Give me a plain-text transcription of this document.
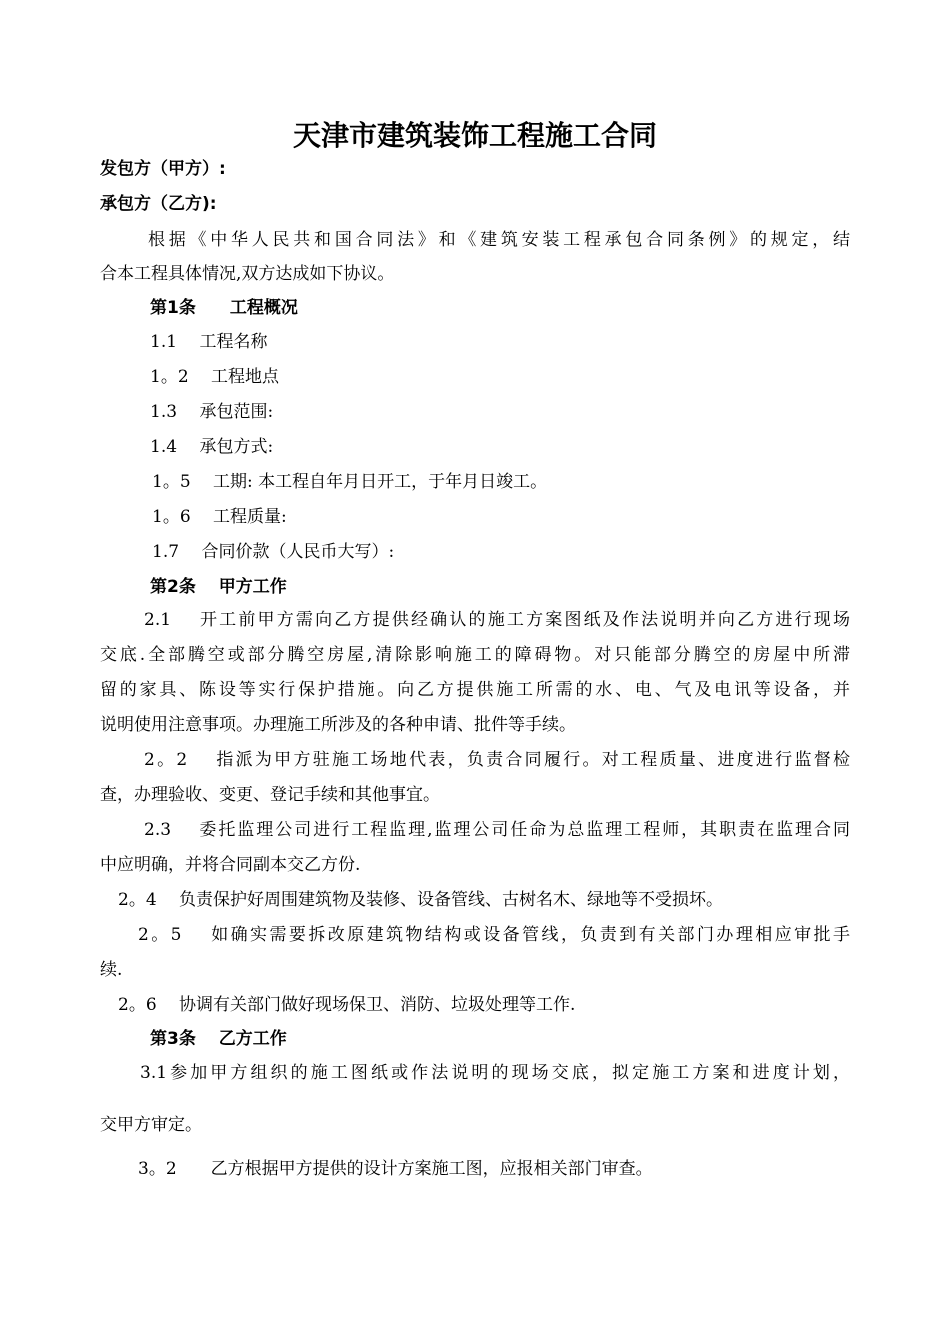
天津市建筑装饰工程施工合同
发包方（甲方）:
承包方（乙方):
根据《中华人民共和国合同法》和《建筑安装工程承包合同条例》的规定，结
合本工程具体情况,双方达成如下协议。
第1条　　工程概况
1.1　 工程名称
1。2　 工程地点
1.3　 承包范围:
1.4　 承包方式:
1。5　 工期: 本工程自年月日开工，于年月日竣工。
1。6　 工程质量:
1.7　 合同价款（人民币大写）:
第2条　 甲方工作
2.1　 开工前甲方需向乙方提供经确认的施工方案图纸及作法说明并向乙方进行现场
交底.全部腾空或部分腾空房屋,清除影响施工的障碍物。对只能部分腾空的房屋中所滞
留的家具、陈设等实行保护措施。向乙方提供施工所需的水、电、气及电讯等设备，并
说明使用注意事项。办理施工所涉及的各种申请、批件等手续。
2。2　 指派为甲方驻施工场地代表，负责合同履行。对工程质量、进度进行监督检
查，办理验收、变更、登记手续和其他事宜。
2.3　 委托监理公司进行工程监理,监理公司任命为总监理工程师，其职责在监理合同
中应明确，并将合同副本交乙方份.
2。4　 负责保护好周围建筑物及装修、设备管线、古树名木、绿地等不受损坏。
2。5　 如确实需要拆改原建筑物结构或设备管线，负责到有关部门办理相应审批手
续.
2。6　 协调有关部门做好现场保卫、消防、垃圾处理等工作.
第3条　 乙方工作
3.1参加甲方组织的施工图纸或作法说明的现场交底，拟定施工方案和进度计划，
交甲方审定。
3。2　　乙方根据甲方提供的设计方案施工图，应报相关部门审查。
